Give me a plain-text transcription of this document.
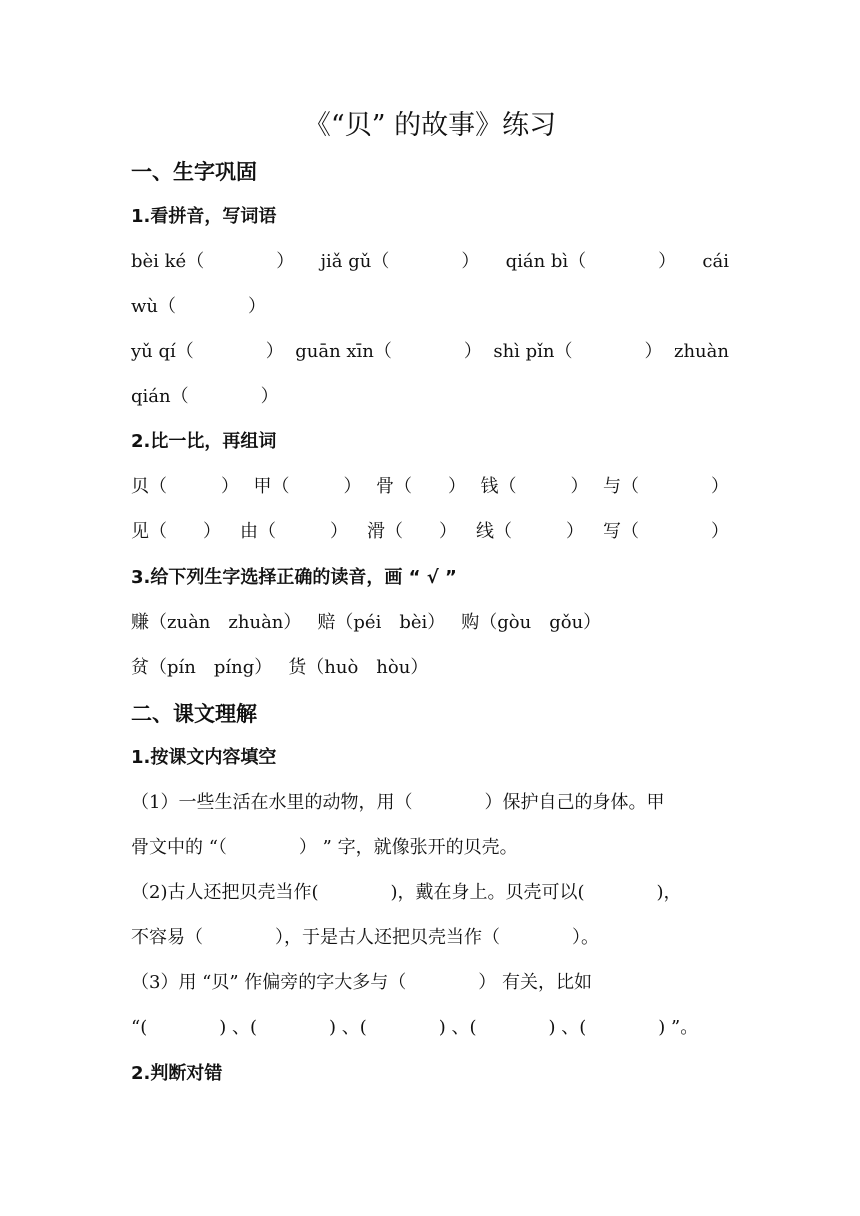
《“贝” 的故事》练习
一、生字巩固
1.看拼音，写词语
bèi ké（　　　　） jiǎ gǔ（　　　　） qián bì（　　　　） cái
wù（　　　　）
yǔ qí（　　　　） guān xīn（　　　　） shì pǐn（　　　　） zhuàn
qián（　　　　）
2.比一比，再组词
贝（　　　） 甲（　　　） 骨（　　） 钱（　　　） 与（　　　　）
见（　　） 由（　　　） 滑（　　） 线（　　　） 写（　　　　）
3.给下列生字选择正确的读音，画 “ √ ”
赚（zuàn　zhuàn） 赔（péi　bèi） 购（gòu　gǒu）
贫（pín　píng） 货（huò　hòu）
二、课文理解
1.按课文内容填空
（1）一些生活在水里的动物，用（　　　　）保护自己的身体。甲
骨文中的 “（　　　　） ” 字，就像张开的贝壳。
（2)古人还把贝壳当作(　　　　)，戴在身上。贝壳可以(　　　　)，
不容易（　　　　），于是古人还把贝壳当作（　　　　）。
（3）用 “贝” 作偏旁的字大多与（　　　　） 有关，比如
“(　　　　) 、(　　　　) 、(　　　　) 、(　　　　) 、(　　　　) ”。
2.判断对错
